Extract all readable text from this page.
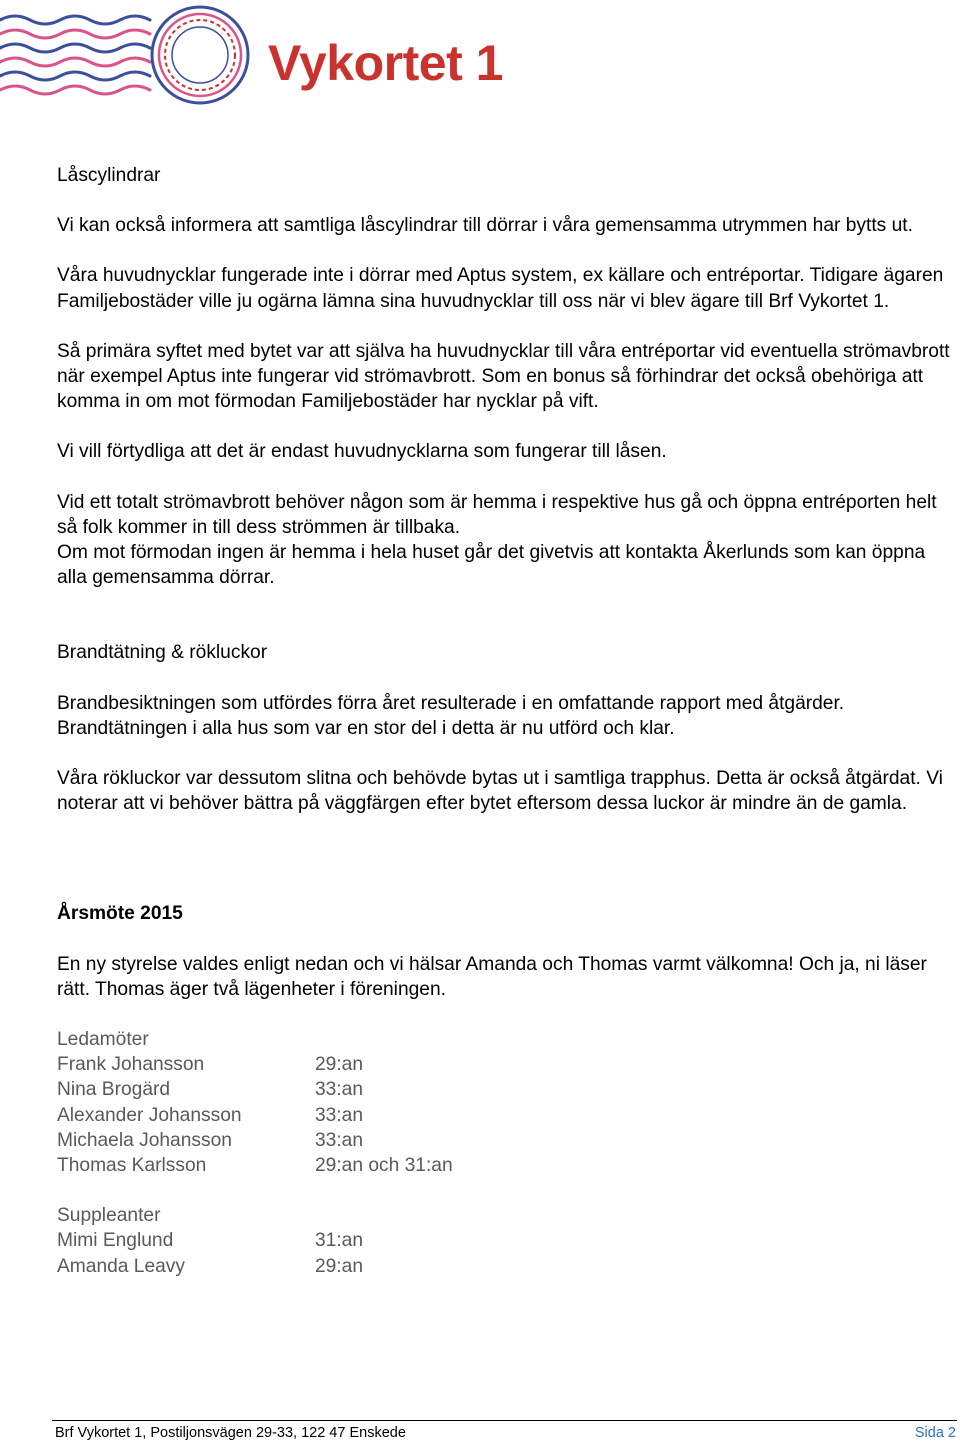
Vykortet 1

Låscylindrar

Vi kan också informera att samtliga låscylindrar till dörrar i våra gemensamma utrymmen har bytts ut.

Våra huvudnycklar fungerade inte i dörrar med Aptus system, ex källare och entréportar. Tidigare ägaren Familjebostäder ville ju ogärna lämna sina huvudnycklar till oss när vi blev ägare till Brf Vykortet 1.

Så primära syftet med bytet var att själva ha huvudnycklar till våra entréportar vid eventuella strömavbrott när exempel Aptus inte fungerar vid strömavbrott. Som en bonus så förhindrar det också obehöriga att komma in om mot förmodan Familjebostäder har nycklar på vift.

Vi vill förtydliga att det är endast huvudnycklarna som fungerar till låsen.

Vid ett totalt strömavbrott behöver någon som är hemma i respektive hus gå och öppna entréporten helt så folk kommer in till dess strömmen är tillbaka.

Om mot förmodan ingen är hemma i hela huset går det givetvis att kontakta Åkerlunds som kan öppna alla gemensamma dörrar.

Brandtätning & rökluckor

Brandbesiktningen som utfördes förra året resulterade i en omfattande rapport med åtgärder. Brandtätningen i alla hus som var en stor del i detta är nu utförd och klar.

Våra rökluckor var dessutom slitna och behövde bytas ut i samtliga trapphus. Detta är också åtgärdat. Vi noterar att vi behöver bättra på väggfärgen efter bytet eftersom dessa luckor är mindre än de gamla.

Årsmöte 2015

En ny styrelse valdes enligt nedan och vi hälsar Amanda och Thomas varmt välkomna! Och ja, ni läser rätt. Thomas äger två lägenheter i föreningen.

Ledamöter
Frank Johansson	29:an
Nina Brogärd	33:an
Alexander Johansson	33:an
Michaela Johansson	33:an
Thomas Karlsson	29:an och 31:an
Suppleanter
Mimi Englund	31:an
Amanda Leavy	29:an
Brf Vykortet 1, Postiljonsvägen 29-33, 122 47 Enskede	Sida 2
